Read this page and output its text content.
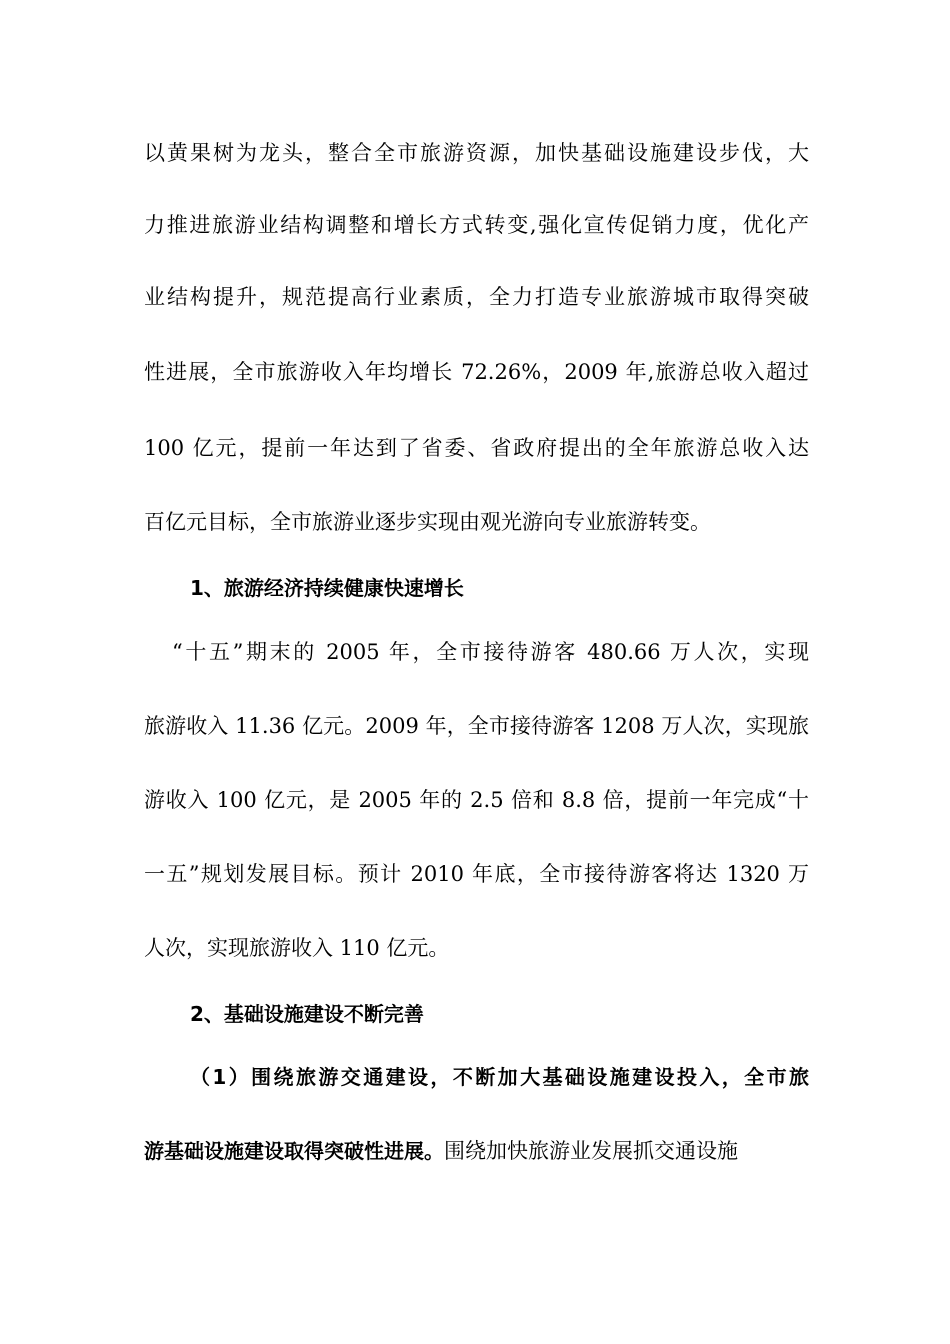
以黄果树为龙头，整合全市旅游资源，加快基础设施建设步伐，大
力推进旅游业结构调整和增长方式转变,强化宣传促销力度，优化产
业结构提升，规范提高行业素质，全力打造专业旅游城市取得突破
性进展，全市旅游收入年均增长 72.26%，2009 年,旅游总收入超过
100 亿元，提前一年达到了省委、省政府提出的全年旅游总收入达
百亿元目标，全市旅游业逐步实现由观光游向专业旅游转变。
1、旅游经济持续健康快速增长
“十五”期末的 2005 年，全市接待游客 480.66 万人次，实现
旅游收入 11.36 亿元。2009 年，全市接待游客 1208 万人次，实现旅
游收入 100 亿元，是 2005 年的 2.5 倍和 8.8 倍，提前一年完成“十
一五”规划发展目标。预计 2010 年底，全市接待游客将达 1320 万
人次，实现旅游收入 110 亿元。
2、基础设施建设不断完善
（1）围绕旅游交通建设，不断加大基础设施建设投入，全市旅
游基础设施建设取得突破性进展。围绕加快旅游业发展抓交通设施
